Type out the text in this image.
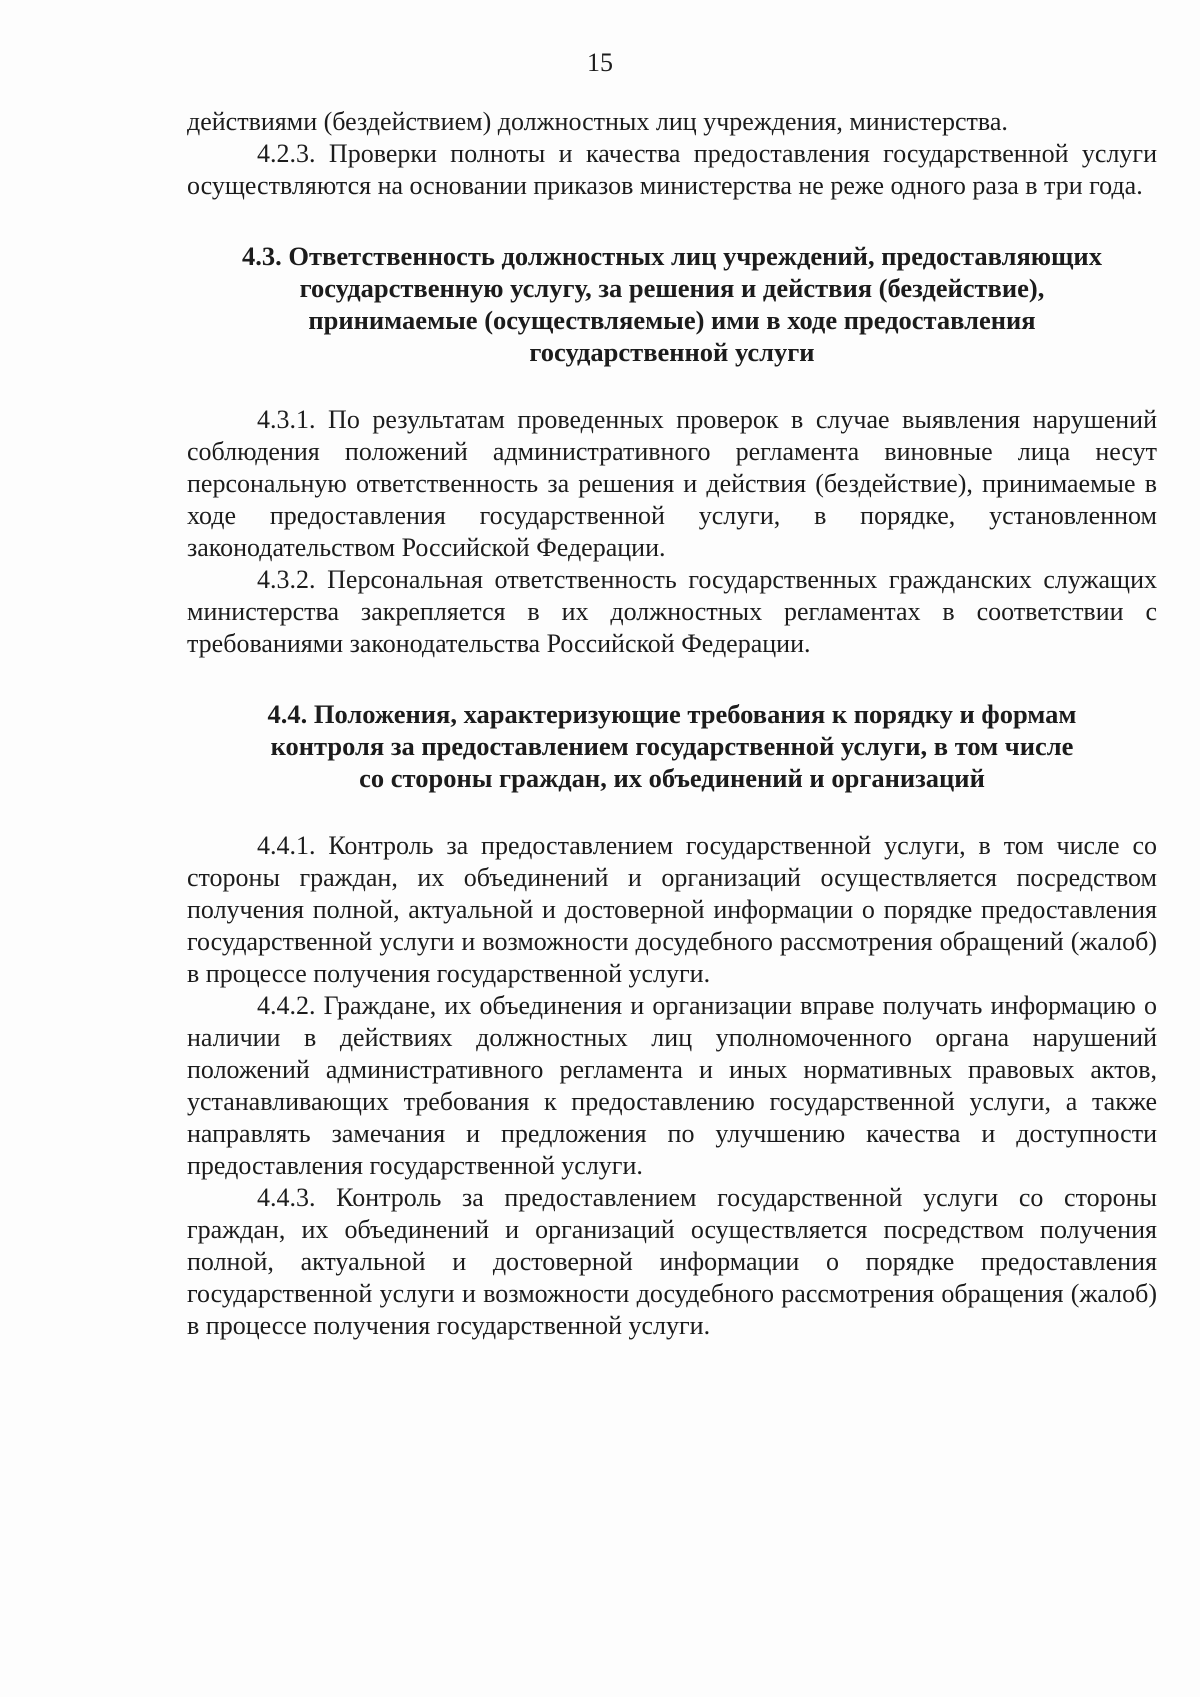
15

действиями (бездействием) должностных лиц учреждения, министерства.

4.2.3. Проверки полноты и качества предоставления государственной услуги осуществляются на основании приказов министерства не реже одного раза в три года.

4.3. Ответственность должностных лиц учреждений, предоставляющих
государственную услугу, за решения и действия (бездействие),
принимаемые (осуществляемые) ими в ходе предоставления
государственной услуги

4.3.1. По результатам проведенных проверок в случае выявления нарушений соблюдения положений административного регламента виновные лица несут персональную ответственность за решения и действия (бездействие), принимаемые в ходе предоставления государственной услуги, в порядке, установленном законодательством Российской Федерации.

4.3.2. Персональная ответственность государственных гражданских служащих министерства закрепляется в их должностных регламентах в соответствии с требованиями законодательства Российской Федерации.

4.4. Положения, характеризующие требования к порядку и формам
контроля за предоставлением государственной услуги, в том числе
со стороны граждан, их объединений и организаций

4.4.1. Контроль за предоставлением государственной услуги, в том числе со стороны граждан, их объединений и организаций осуществляется посредством получения полной, актуальной и достоверной информации о порядке предоставления государственной услуги и возможности досудебного рассмотрения обращений (жалоб) в процессе получения государственной услуги.

4.4.2. Граждане, их объединения и организации вправе получать информацию о наличии в действиях должностных лиц уполномоченного органа нарушений положений административного регламента и иных нормативных правовых актов, устанавливающих требования к предоставлению государственной услуги, а также направлять замечания и предложения по улучшению качества и доступности предоставления государственной услуги.

4.4.3. Контроль за предоставлением государственной услуги со стороны граждан, их объединений и организаций осуществляется посредством получения полной, актуальной и достоверной информации о порядке предоставления государственной услуги и возможности досудебного рассмотрения обращения (жалоб) в процессе получения государственной услуги.
